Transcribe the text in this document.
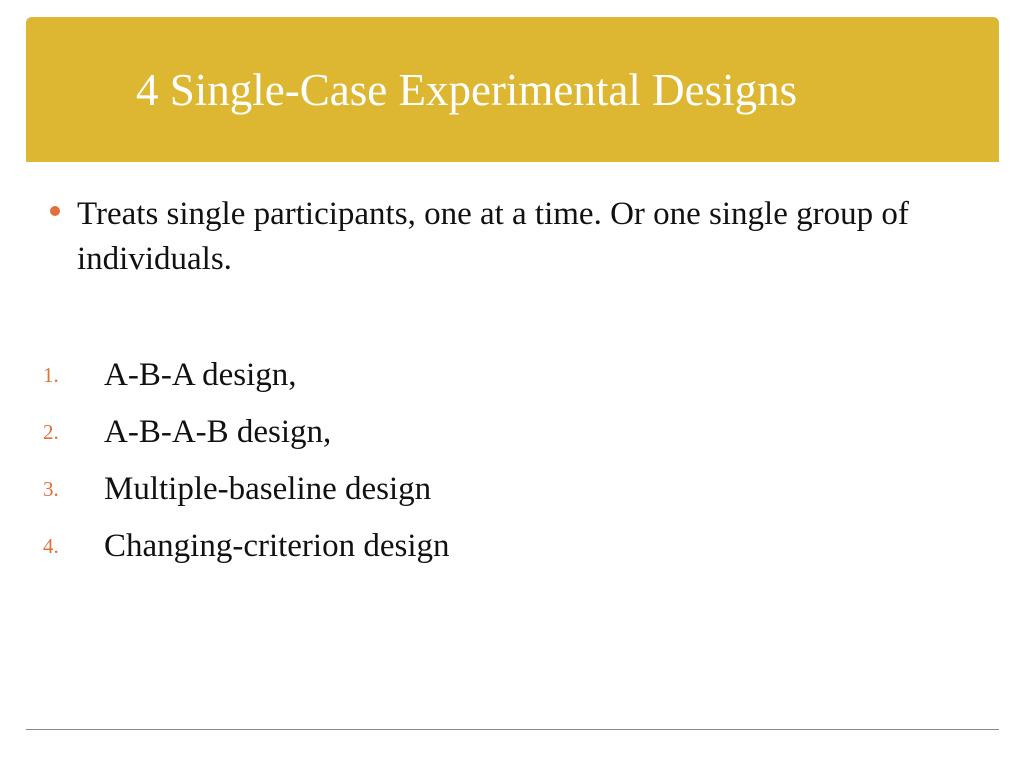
4 Single-Case Experimental Designs

Treats single participants, one at a time. Or one single group of individuals.

1. A-B-A design,
2. A-B-A-B design,
3. Multiple-baseline design
4. Changing-criterion design
